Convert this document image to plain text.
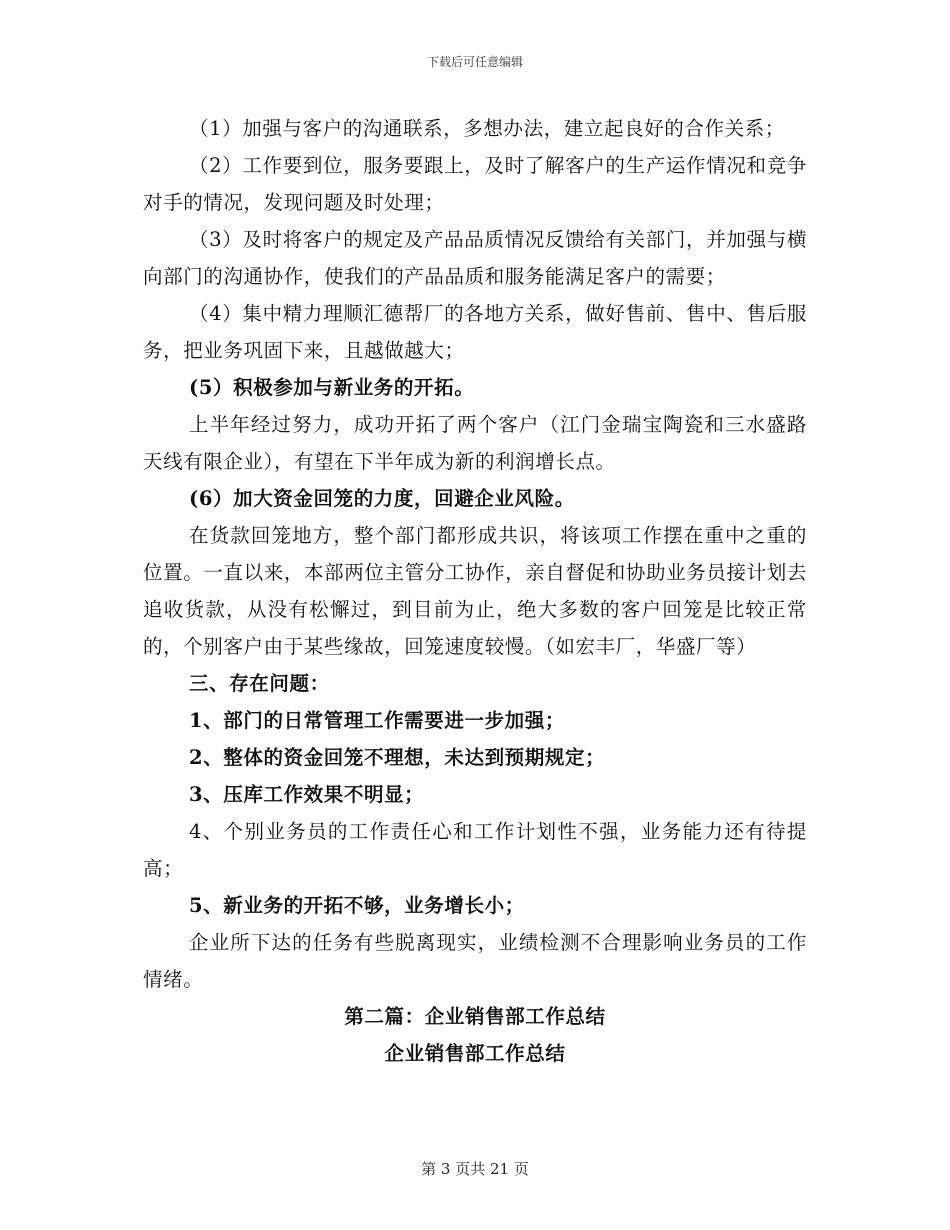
下载后可任意编辑

（1）加强与客户的沟通联系，多想办法，建立起良好的合作关系；

（2）工作要到位，服务要跟上，及时了解客户的生产运作情况和竞争对手的情况，发现问题及时处理；

（3）及时将客户的规定及产品品质情况反馈给有关部门，并加强与横向部门的沟通协作，使我们的产品品质和服务能满足客户的需要；

（4）集中精力理顺汇德帮厂的各地方关系，做好售前、售中、售后服务，把业务巩固下来，且越做越大；

(5）积极参加与新业务的开拓。

上半年经过努力，成功开拓了两个客户（江门金瑞宝陶瓷和三水盛路天线有限企业），有望在下半年成为新的利润增长点。

(6）加大资金回笼的力度，回避企业风险。

在货款回笼地方，整个部门都形成共识，将该项工作摆在重中之重的位置。一直以来，本部两位主管分工协作，亲自督促和协助业务员接计划去追收货款，从没有松懈过，到目前为止，绝大多数的客户回笼是比较正常的，个别客户由于某些缘故，回笼速度较慢。（如宏丰厂，华盛厂等）

三、存在问题：

1、部门的日常管理工作需要进一步加强；

2、整体的资金回笼不理想，未达到预期规定；

3、压库工作效果不明显；

4、个别业务员的工作责任心和工作计划性不强，业务能力还有待提高；

5、新业务的开拓不够，业务增长小；

企业所下达的任务有些脱离现实，业绩检测不合理影响业务员的工作情绪。

第二篇：企业销售部工作总结

企业销售部工作总结

第 3 页共 21 页
